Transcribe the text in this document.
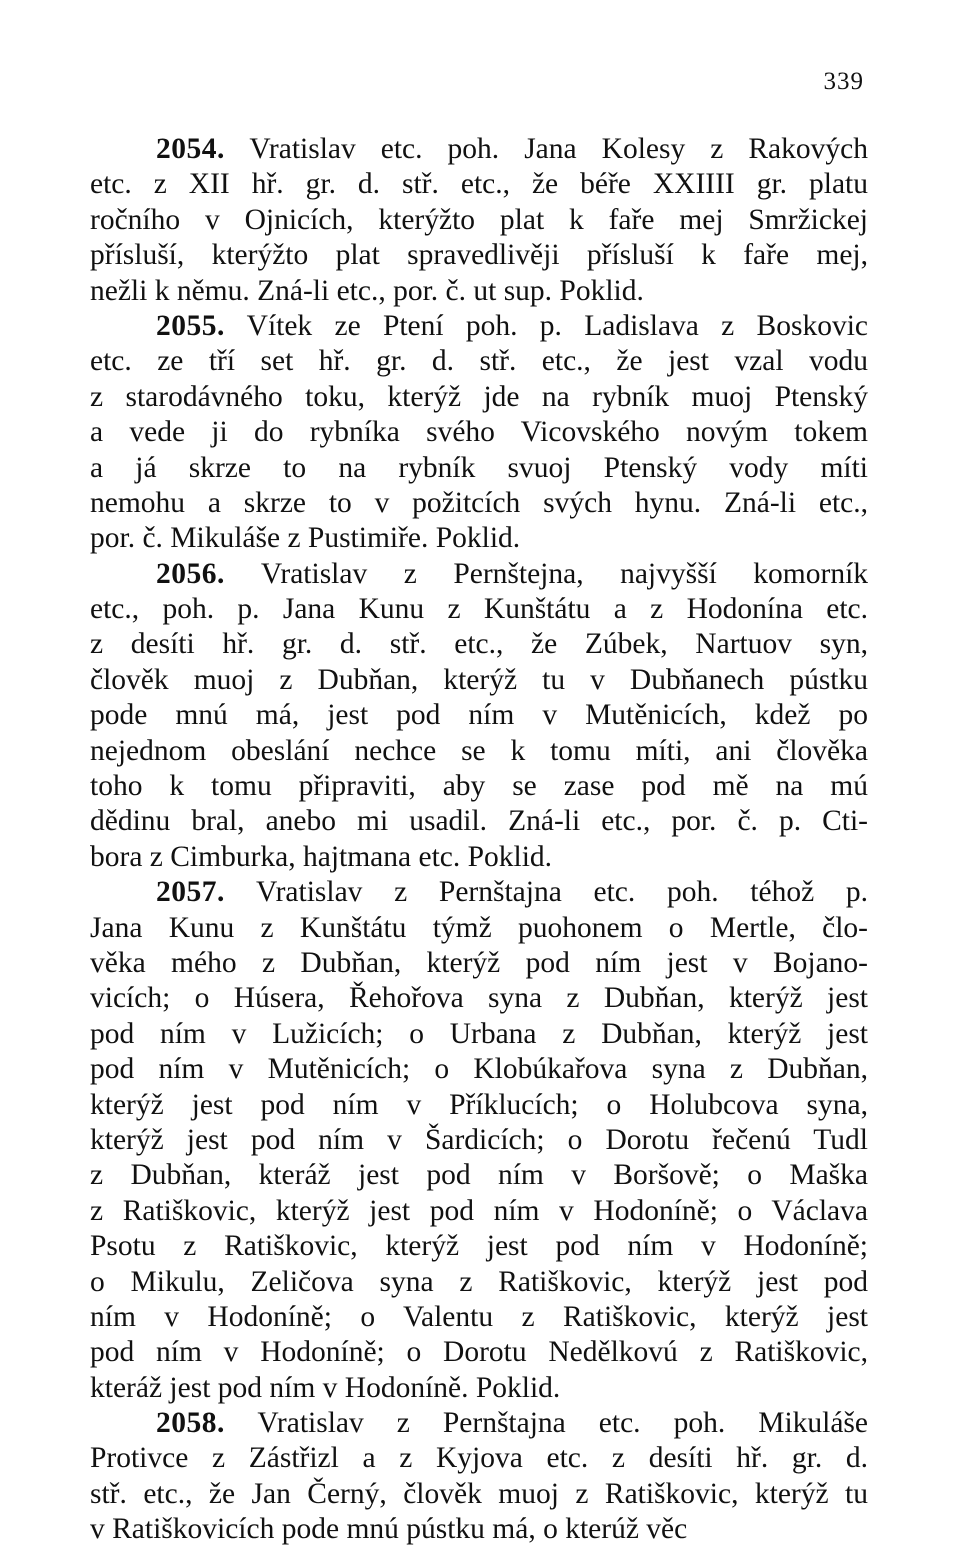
339
2054. Vratislav etc. poh. Jana Kolesy z Rakových
etc. z XII hř. gr. d. stř. etc., že béře XXIIII gr. platu
ročního v Ojnicích, kterýžto plat k faře mej Smržickej
přísluší, kterýžto plat spravedlivěji přísluší k faře mej,
nežli k němu. Zná-li etc., por. č. ut sup. Poklid.
2055. Vítek ze Ptení poh. p. Ladislava z Boskovic
etc. ze tří set hř. gr. d. stř. etc., že jest vzal vodu
z starodávného toku, kterýž jde na rybník muoj Ptenský
a vede ji do rybníka svého Vicovského novým tokem
a já skrze to na rybník svuoj Ptenský vody míti
nemohu a skrze to v požitcích svých hynu. Zná-li etc.,
por. č. Mikuláše z Pustimiře. Poklid.
2056. Vratislav z Pernštejna, najvyšší komorník
etc., poh. p. Jana Kunu z Kunštátu a z Hodonína etc.
z desíti hř. gr. d. stř. etc., že Zúbek, Nartuov syn,
člověk muoj z Dubňan, kterýž tu v Dubňanech pústku
pode mnú má, jest pod ním v Mutěnicích, kdež po
nejednom obeslání nechce se k tomu míti, ani člověka
toho k tomu připraviti, aby se zase pod mě na mú
dědinu bral, anebo mi usadil. Zná-li etc., por. č. p. Cti-
bora z Cimburka, hajtmana etc. Poklid.
2057. Vratislav z Pernštajna etc. poh. téhož p.
Jana Kunu z Kunštátu týmž puohonem o Mertle, člo-
věka mého z Dubňan, kterýž pod ním jest v Bojano-
vicích; o Húsera, Řehořova syna z Dubňan, kterýž jest
pod ním v Lužicích; o Urbana z Dubňan, kterýž jest
pod ním v Mutěnicích; o Klobúkařova syna z Dubňan,
kterýž jest pod ním v Příklucích; o Holubcova syna,
kterýž jest pod ním v Šardicích; o Dorotu řečenú Tudl
z Dubňan, kteráž jest pod ním v Boršově; o Maška
z Ratiškovic, kterýž jest pod ním v Hodoníně; o Václava
Psotu z Ratiškovic, kterýž jest pod ním v Hodoníně;
o Mikulu, Zeličova syna z Ratiškovic, kterýž jest pod
ním v Hodoníně; o Valentu z Ratiškovic, kterýž jest
pod ním v Hodoníně; o Dorotu Nedělkovú z Ratiškovic,
kteráž jest pod ním v Hodoníně. Poklid.
2058. Vratislav z Pernštajna etc. poh. Mikuláše
Protivce z Zástřizl a z Kyjova etc. z desíti hř. gr. d.
stř. etc., že Jan Černý, člověk muoj z Ratiškovic, kterýž tu
v Ratiškovicích pode mnú pústku má, o kterúž věc
